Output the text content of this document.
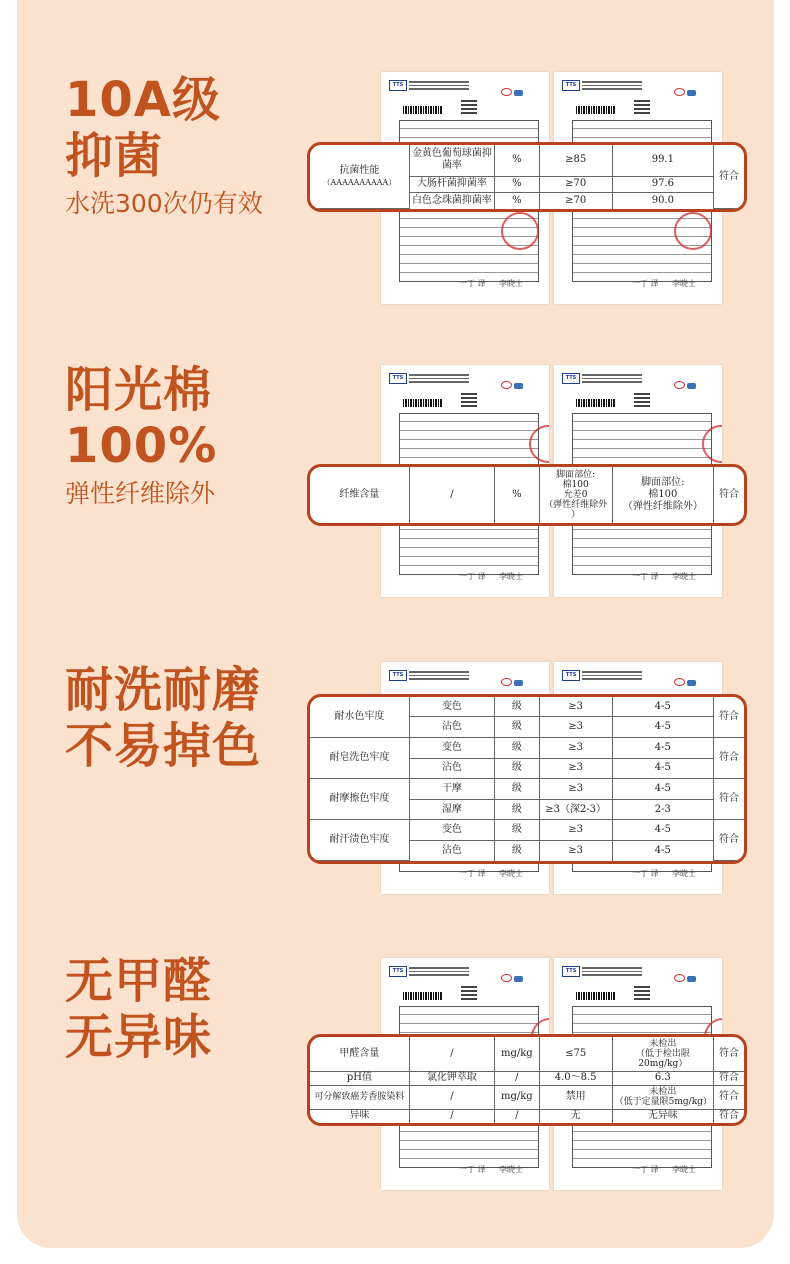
10A级
抑菌
水洗300次仍有效
TTS
一丁 译 李晓士
TTS
一丁 译 李晓士
抗菌性能
（AAAAAAAAAA）	金黄色葡萄球菌抑菌率	%	≥85	99.1	符合
	大肠杆菌抑菌率	%	≥70	97.6	
	白色念珠菌抑菌率	%	≥70	90.0	
阳光棉
100%
弹性纤维除外
TTS
一丁 译 李晓士
TTS
一丁 译 李晓士
纤维含量	/	%	脚面部位:
棉100
允差0
（弹性纤维除外
）	脚面部位:
棉100
（弹性纤维除外）	符合
耐洗耐磨
不易掉色
TTS
一丁 译 李晓士
TTS
一丁 译 李晓士
耐水色牢度	变色	级	≥3	4-5	符合
	沾色	级	≥3	4-5	
耐皂洗色牢度	变色	级	≥3	4-5	符合
	沾色	级	≥3	4-5	
耐摩擦色牢度	干摩	级	≥3	4-5	符合
	湿摩	级	≥3（深2-3）	2-3	
耐汗渍色牢度	变色	级	≥3	4-5	符合
	沾色	级	≥3	4-5	
无甲醛
无异味
TTS
一丁 译 李晓士
TTS
一丁 译 李晓士
甲醛含量	/	mg/kg	≤75	未检出
（低于检出限20mg/kg）	符合
pH值	氯化钾萃取	/	4.0～8.5	6.3	符合
可分解致癌芳香胺染料	/	mg/kg	禁用	未检出
（低于定量限5mg/kg）	符合
异味	/	/	无	无异味	符合
